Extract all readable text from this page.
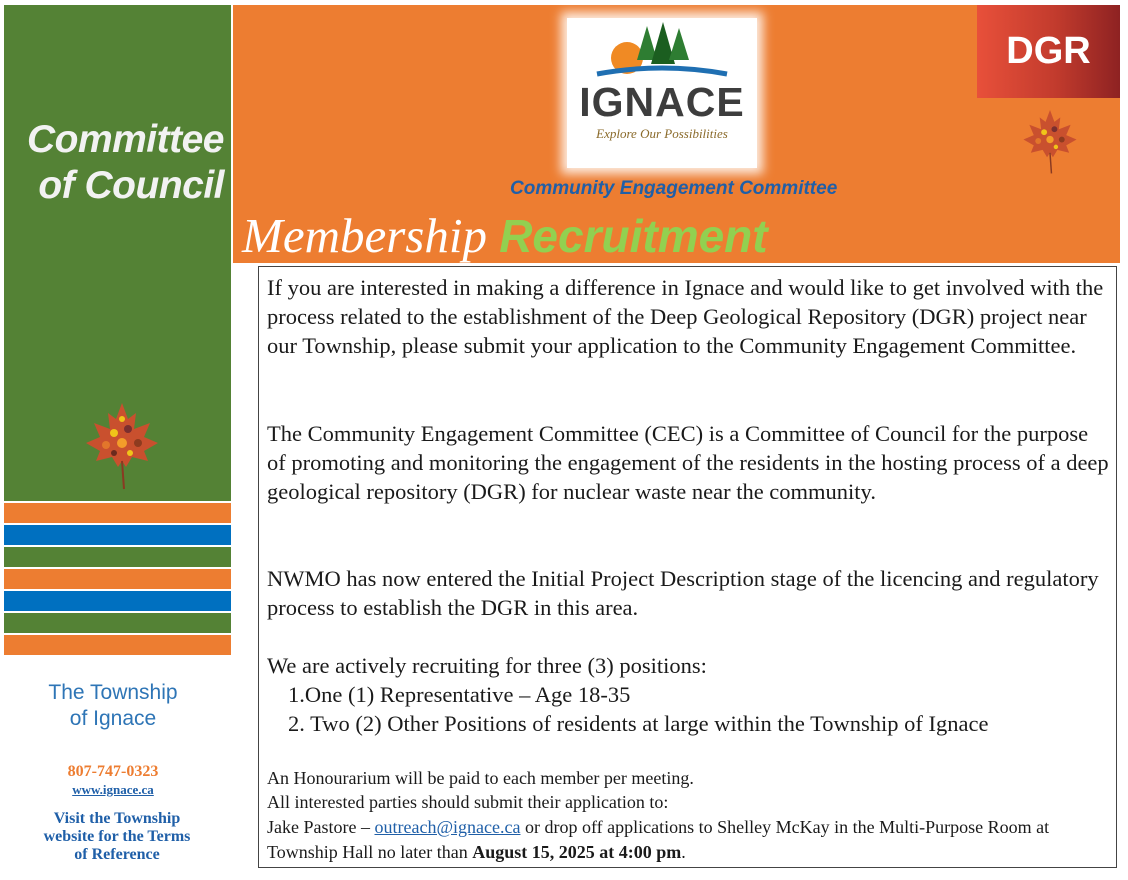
Committee
of Council
The Township
of Ignace
807-747-0323
www.ignace.ca
Visit the Township
website for the Terms
of Reference
DGR
IGNACE
Explore Our Possibilities
Community Engagement Committee
Membership Recruitment

If you are interested in making a difference in Ignace and would like to get involved with the process related to the establishment of the Deep Geological Repository (DGR) project near our Township, please submit your application to the Community Engagement Committee.

The Community Engagement Committee (CEC) is a Committee of Council for the purpose of promoting and monitoring the engagement of the residents in the hosting process of a deep geological repository (DGR) for nuclear waste near the community.

NWMO has now entered the Initial Project Description stage of the licencing and regulatory process to establish the DGR in this area.

We are actively recruiting for three (3) positions:

1.One (1) Representative – Age 18-35
2. Two (2) Other Positions of residents at large within the Township of Ignace
An Honourarium will be paid to each member per meeting.
All interested parties should submit their application to:
Jake Pastore – outreach@ignace.ca or drop off applications to Shelley McKay in the Multi-Purpose Room at Township Hall no later than August 15, 2025 at 4:00 pm.
